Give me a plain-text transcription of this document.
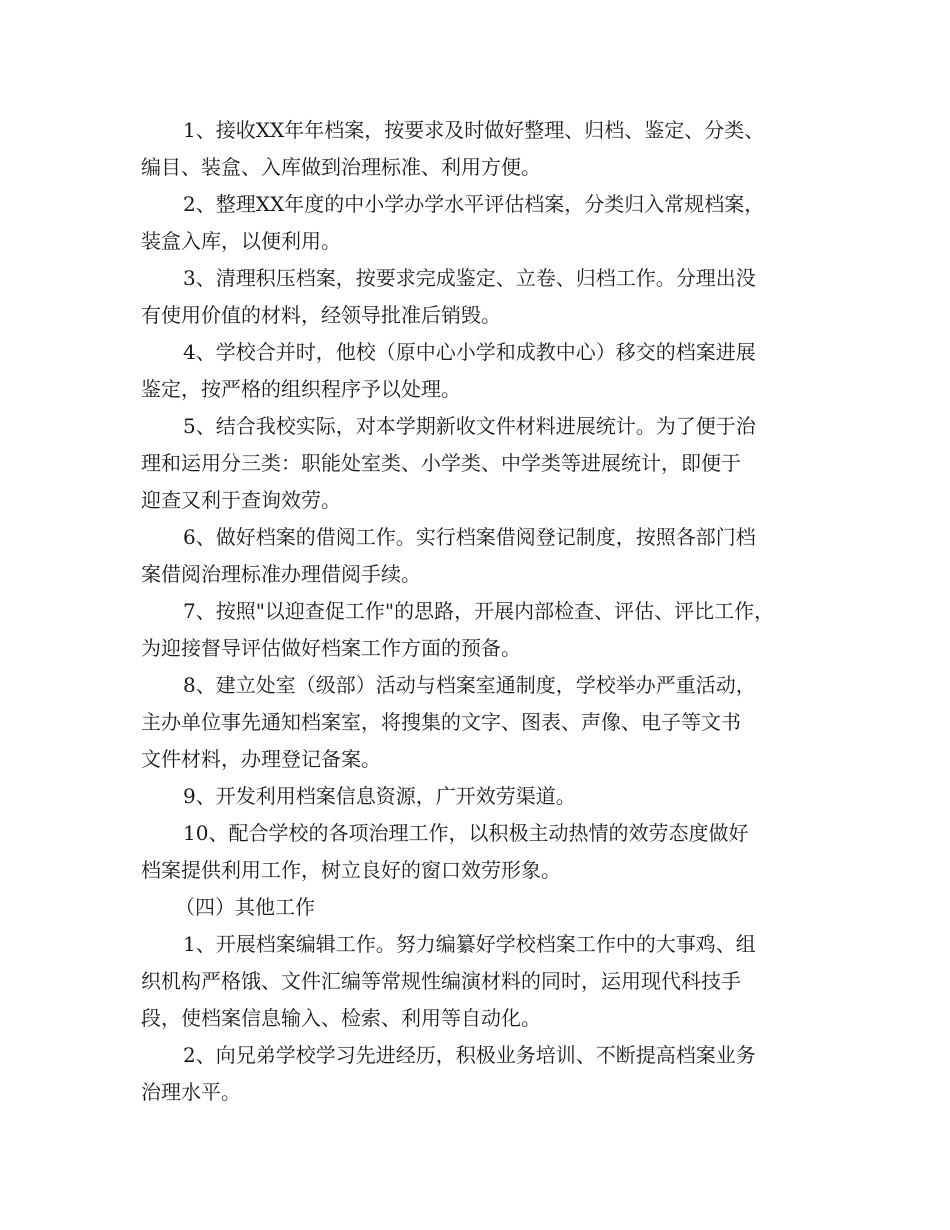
1、接收XX年年档案，按要求及时做好整理、归档、鉴定、分类、
编目、装盒、入库做到治理标准、利用方便。
2、整理XX年度的中小学办学水平评估档案，分类归入常规档案，
装盒入库，以便利用。
3、清理积压档案，按要求完成鉴定、立卷、归档工作。分理出没
有使用价值的材料，经领导批准后销毁。
4、学校合并时，他校（原中心小学和成教中心）移交的档案进展
鉴定，按严格的组织程序予以处理。
5、结合我校实际，对本学期新收文件材料进展统计。为了便于治
理和运用分三类：职能处室类、小学类、中学类等进展统计，即便于
迎查又利于查询效劳。
6、做好档案的借阅工作。实行档案借阅登记制度，按照各部门档
案借阅治理标准办理借阅手续。
7、按照"以迎查促工作"的思路，开展内部检查、评估、评比工作，
为迎接督导评估做好档案工作方面的预备。
8、建立处室（级部）活动与档案室通制度，学校举办严重活动，
主办单位事先通知档案室，将搜集的文字、图表、声像、电子等文书
文件材料，办理登记备案。
9、开发利用档案信息资源，广开效劳渠道。
10、配合学校的各项治理工作，以积极主动热情的效劳态度做好
档案提供利用工作，树立良好的窗口效劳形象。
（四）其他工作
1、开展档案编辑工作。努力编纂好学校档案工作中的大事鸡、组
织机构严格饿、文件汇编等常规性编演材料的同时，运用现代科技手
段，使档案信息输入、检索、利用等自动化。
2、向兄弟学校学习先进经历，积极业务培训、不断提高档案业务
治理水平。
